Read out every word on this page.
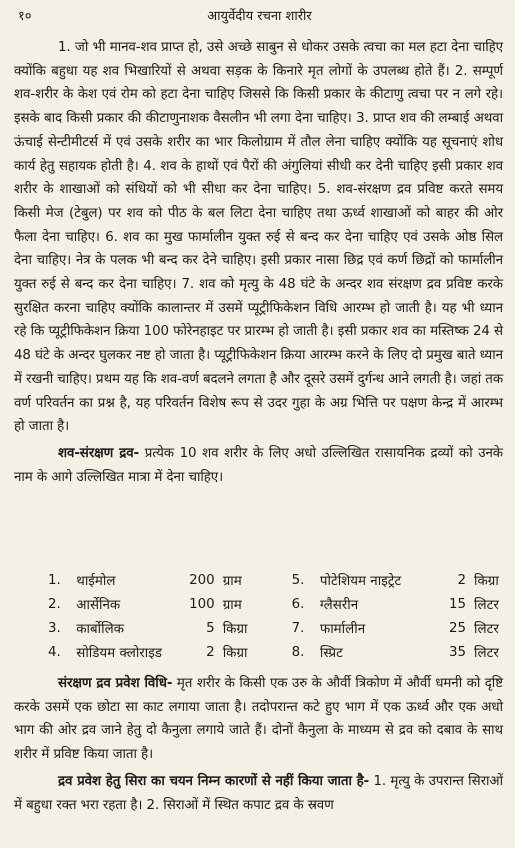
१०	आयुर्वेदीय रचना शारीर

1. जो भी मानव-शव प्राप्त हो, उसे अच्छे साबुन से धोकर उसके त्वचा का मल हटा देना चाहिए क्योंकि बहुधा यह शव भिखारियों से अथवा सड़क के किनारे मृत लोगों के उपलब्ध होते हैं। 2. सम्पूर्ण शव-शरीर के केश एवं रोम को हटा देना चाहिए जिससे कि किसी प्रकार के कीटाणु त्वचा पर न लगे रहे। इसके बाद किसी प्रकार की कीटाणुनाशक वैसलीन भी लगा देना चाहिए। 3. प्राप्त शव की लम्बाई अथवा ऊंचाई सेन्टीमीटर्स में एवं उसके शरीर का भार किलोग्राम में तौल लेना चाहिए क्योंकि यह सूचनाएं शोध कार्य हेतु सहायक होती है। 4. शव के हाथों एवं पैरों की अंगुलियां सीधी कर देनी चाहिए इसी प्रकार शव शरीर के शाखाओं को संधियों को भी सीधा कर देना चाहिए। 5. शव-संरक्षण द्रव प्रविष्ट करते समय किसी मेज (टेबुल) पर शव को पीठ के बल लिटा देना चाहिए तथा ऊर्ध्व शाखाओं को बाहर की ओर फैला देना चाहिए। 6. शव का मुख फार्मालीन युक्त रुई से बन्द कर देना चाहिए एवं उसके ओष्ठ सिल देना चाहिए। नेत्र के पलक भी बन्द कर देने चाहिए। इसी प्रकार नासा छिद्र एवं कर्ण छिद्रों को फार्मालीन युक्त रुई से बन्द कर देना चाहिए। 7. शव को मृत्यु के 48 घंटे के अन्दर शव संरक्षण द्रव प्रविष्ट करके सुरक्षित करना चाहिए क्योंकि कालान्तर में उसमें प्यूट्रीफिकेशन विधि आरम्भ हो जाती है। यह भी ध्यान रहे कि प्यूट्रीफिकेशन क्रिया 100 फोरेनहाइट पर प्रारम्भ हो जाती है। इसी प्रकार शव का मस्तिष्क 24 से 48 घंटे के अन्दर घुलकर नष्ट हो जाता है। प्यूट्रीफिकेशन क्रिया आरम्भ करने के लिए दो प्रमुख बाते ध्यान में रखनी चाहिए। प्रथम यह कि शव-वर्ण बदलने लगता है और दूसरे उसमें दुर्गन्ध आने लगती है। जहां तक वर्ण परिवर्तन का प्रश्न है, यह परिवर्तन विशेष रूप से उदर गुहा के अग्र भित्ति पर पक्षण केन्द्र में आरम्भ हो जाता है।

शव-संरक्षण द्रव- प्रत्येक 10 शव शरीर के लिए अधो उल्लिखित रासायनिक द्रव्यों को उनके नाम के आगे उल्लिखित मात्रा में देना चाहिए।

1.	थाईमोल	200	ग्राम	5.	पोटेशियम नाइट्रेट	2	किग्रा
2.	आर्सेनिक	100	ग्राम	6.	ग्लैसरीन	15	लिटर
3.	कार्बोलिक	5	किग्रा	7.	फार्मालीन	25	लिटर
4.	सोडियम क्लोराइड	2	किग्रा	8.	स्प्रिट	35	लिटर

संरक्षण द्रव प्रवेश विधि- मृत शरीर के किसी एक उरु के और्वी त्रिकोण में और्वी धमनी को दृष्टि करके उसमें एक छोटा सा काट लगाया जाता है। तदोपरान्त कटे हुए भाग में एक ऊर्ध्व और एक अधो भाग की ओर द्रव जाने हेतु दो कैनुला लगाये जाते हैं। दोनों कैनुला के माध्यम से द्रव को दबाव के साथ शरीर में प्रविष्ट किया जाता है।

द्रव प्रवेश हेतु सिरा का चयन निम्न कारणों से नहीं किया जाता है- 1. मृत्यु के उपरान्त सिराओं में बहुधा रक्त भरा रहता है। 2. सिराओं में स्थित कपाट द्रव के स्रवण
